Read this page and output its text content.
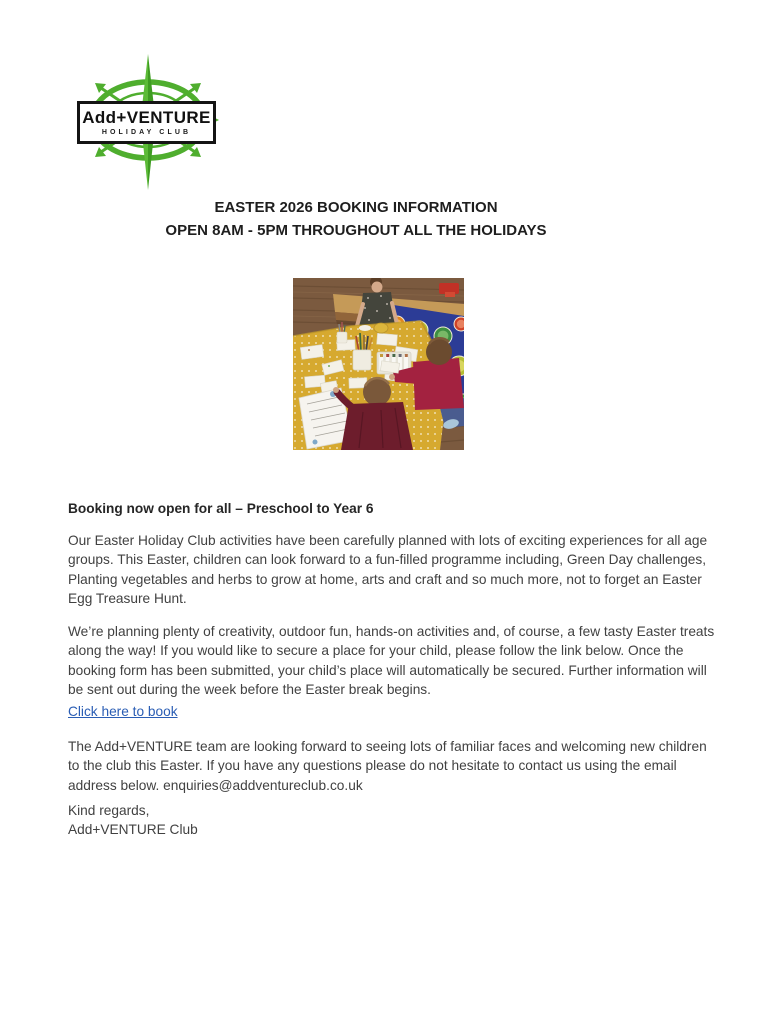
Add+VENTURE
HOLIDAY CLUB
EASTER 2026 BOOKING INFORMATION
OPEN 8AM - 5PM THROUGHOUT ALL THE HOLIDAYS
Booking now open for all – Preschool to Year 6
Our Easter Holiday Club activities have been carefully planned with lots of exciting experiences for all age groups. This Easter, children can look forward to a fun-filled programme including, Green Day challenges, Planting vegetables and herbs to grow at home, arts and craft and so much more, not to forget an Easter Egg Treasure Hunt.
We’re planning plenty of creativity, outdoor fun, hands-on activities and, of course, a few tasty Easter treats along the way! If you would like to secure a place for your child, please follow the link below. Once the booking form has been submitted, your child’s place will automatically be secured. Further information will be sent out during the week before the Easter break begins.
Click here to book
The Add+VENTURE team are looking forward to seeing lots of familiar faces and welcoming new children to the club this Easter. If you have any questions please do not hesitate to contact us using the email address below. enquiries@addventureclub.co.uk
Kind regards,
Add+VENTURE Club
